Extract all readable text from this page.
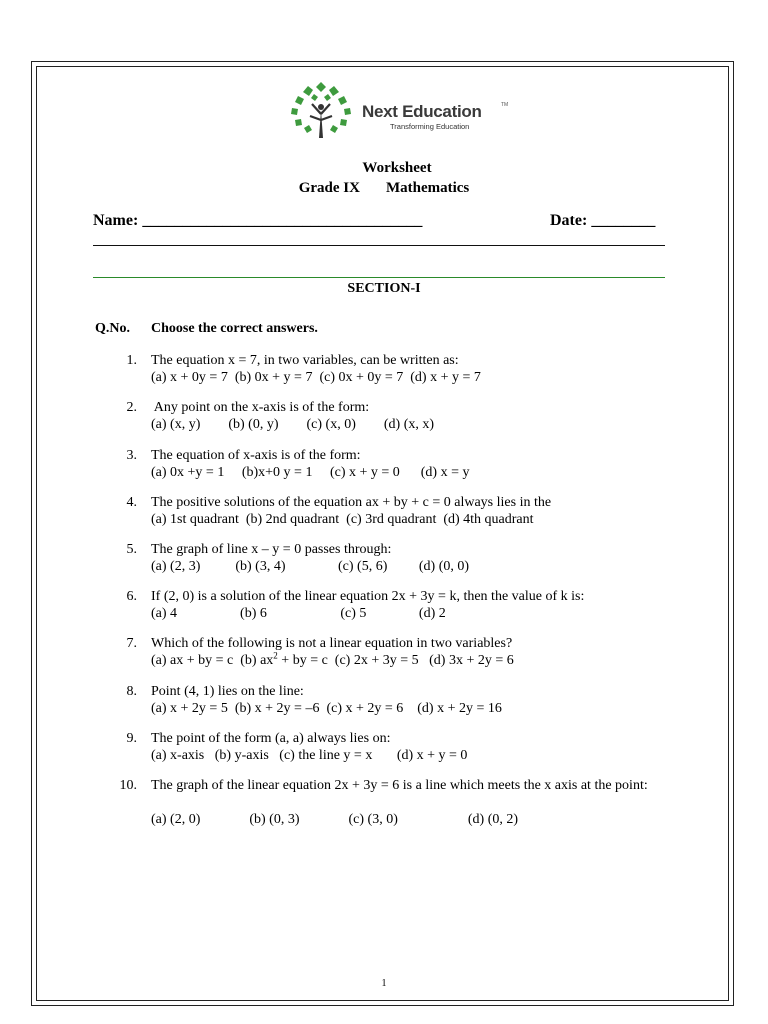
Next Education	TM
Transforming Education
Worksheet
Grade IX Mathematics
Name: ___________________________________	Date: ________
SECTION-I
Q.No. Choose the correct answers.
1. The equation x = 7, in two variables, can be written as:
(a) x + 0y = 7  (b) 0x + y = 7  (c) 0x + 0y = 7  (d) x + y = 7
2. Any point on the x-axis is of the form:
(a) (x, y)        (b) (0, y)        (c) (x, 0)        (d) (x, x)
3. The equation of x-axis is of the form:
(a) 0x +y = 1     (b)x+0 y = 1     (c) x + y = 0      (d) x = y
4. The positive solutions of the equation ax + by + c = 0 always lies in the
(a) 1st quadrant  (b) 2nd quadrant  (c) 3rd quadrant  (d) 4th quadrant
5. The graph of line x – y = 0 passes through:
(a) (2, 3)          (b) (3, 4)               (c) (5, 6)         (d) (0, 0)
6. If (2, 0) is a solution of the linear equation 2x + 3y = k, then the value of k is:
(a) 4                  (b) 6                     (c) 5               (d) 2
7. Which of the following is not a linear equation in two variables?
(a) ax + by = c  (b) $ax^2$ + by = c  (c) 2x + 3y = 5   (d) 3x + 2y = 6
8. Point (4, 1) lies on the line:
(a) x + 2y = 5  (b) x + 2y = –6  (c) x + 2y = 6    (d) x + 2y = 16
9. The point of the form (a, a) always lies on:
(a) x-axis   (b) y-axis   (c) the line y = x       (d) x + y = 0
10. The graph of the linear equation 2x + 3y = 6 is a line which meets the x axis at the point:
(a) (2, 0)              (b) (0, 3)              (c) (3, 0)                    (d) (0, 2)
1
